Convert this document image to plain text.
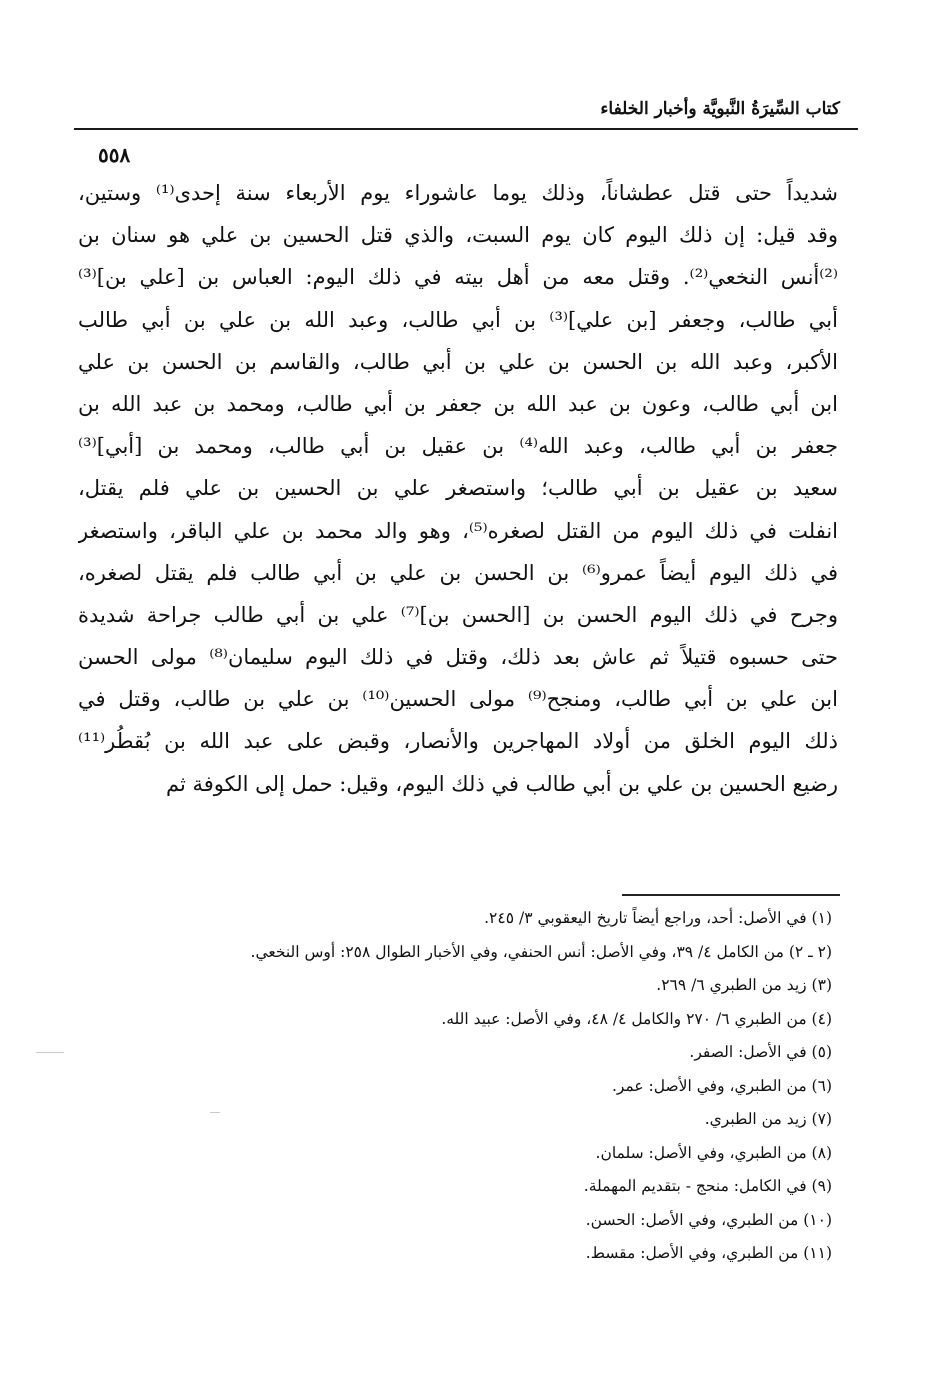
كتاب السِّيرَةُ النَّبويَّة وأخبار الخلفاء
٥٥٨
شديداً حتى قتل عطشاناً، وذلك يوما عاشوراء يوم الأربعاء سنة إحدى⁽¹⁾ وستين،
وقد قيل: إن ذلك اليوم كان يوم السبت، والذي قتل الحسين بن علي هو سنان بن
⁽²⁾أنس النخعي⁽²⁾. وقتل معه من أهل بيته في ذلك اليوم: العباس بن [علي بن]⁽³⁾
أبي طالب، وجعفر [بن علي]⁽³⁾ بن أبي طالب، وعبد الله بن علي بن أبي طالب
الأكبر، وعبد الله بن الحسن بن علي بن أبي طالب، والقاسم بن الحسن بن علي
ابن أبي طالب، وعون بن عبد الله بن جعفر بن أبي طالب، ومحمد بن عبد الله بن
جعفر بن أبي طالب، وعبد الله⁽⁴⁾ بن عقيل بن أبي طالب، ومحمد بن [أبي]⁽³⁾
سعيد بن عقيل بن أبي طالب؛ واستصغر علي بن الحسين بن علي فلم يقتل،
انفلت في ذلك اليوم من القتل لصغره⁽⁵⁾، وهو والد محمد بن علي الباقر، واستصغر
في ذلك اليوم أيضاً عمرو⁽⁶⁾ بن الحسن بن علي بن أبي طالب فلم يقتل لصغره،
وجرح في ذلك اليوم الحسن بن [الحسن بن]⁽⁷⁾ علي بن أبي طالب جراحة شديدة
حتى حسبوه قتيلاً ثم عاش بعد ذلك، وقتل في ذلك اليوم سليمان⁽⁸⁾ مولى الحسن
ابن علي بن أبي طالب، ومنجح⁽⁹⁾ مولى الحسين⁽¹⁰⁾ بن علي بن طالب، وقتل في
ذلك اليوم الخلق من أولاد المهاجرين والأنصار، وقبض على عبد الله بن بُقطُر⁽¹¹⁾
رضيع الحسين بن علي بن أبي طالب في ذلك اليوم، وقيل: حمل إلى الكوفة ثم
(١) في الأصل: أحد، وراجع أيضاً تاريخ اليعقوبي ٣/ ٢٤٥.
(٢ ـ ٢) من الكامل ٤/ ٣٩، وفي الأصل: أنس الحنفي، وفي الأخبار الطوال ٢٥٨: أوس النخعي.
(٣) زيد من الطبري ٦/ ٢٦٩.
(٤) من الطبري ٦/ ٢٧٠ والكامل ٤/ ٤٨، وفي الأصل: عبيد الله.
(٥) في الأصل: الصفر.
(٦) من الطبري، وفي الأصل: عمر.
(٧) زيد من الطبري.
(٨) من الطبري، وفي الأصل: سلمان.
(٩) في الكامل: منحج - بتقديم المهملة.
(١٠) من الطبري، وفي الأصل: الحسن.
(١١) من الطبري، وفي الأصل: مقسط.
